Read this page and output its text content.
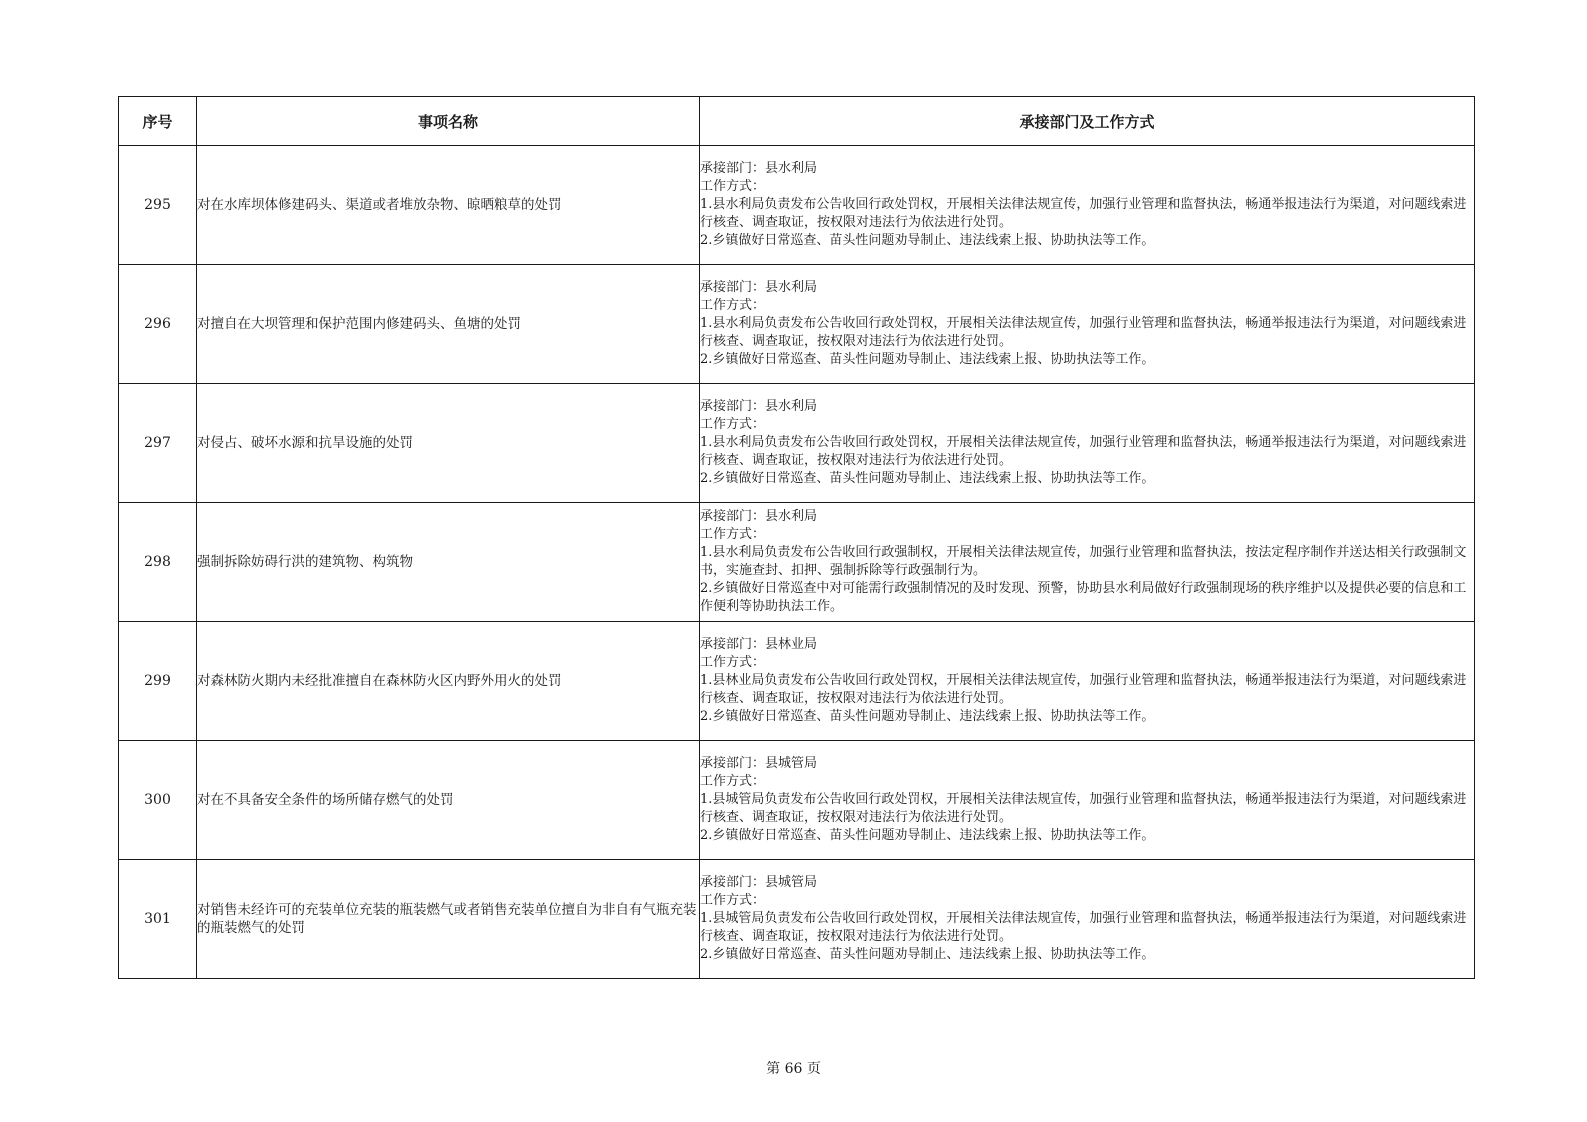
序号	事项名称	承接部门及工作方式
295	对在水库坝体修建码头、渠道或者堆放杂物、晾晒粮草的处罚	承接部门：县水利局
工作方式：
1.县水利局负责发布公告收回行政处罚权，开展相关法律法规宣传，加强行业管理和监督执法，畅通举报违法行为渠道，对问题线索进行核查、调查取证，按权限对违法行为依法进行处罚。
2.乡镇做好日常巡查、苗头性问题劝导制止、违法线索上报、协助执法等工作。

296	对擅自在大坝管理和保护范围内修建码头、鱼塘的处罚	承接部门：县水利局
工作方式：
1.县水利局负责发布公告收回行政处罚权，开展相关法律法规宣传，加强行业管理和监督执法，畅通举报违法行为渠道，对问题线索进行核查、调查取证，按权限对违法行为依法进行处罚。
2.乡镇做好日常巡查、苗头性问题劝导制止、违法线索上报、协助执法等工作。

297	对侵占、破坏水源和抗旱设施的处罚	承接部门：县水利局
工作方式：
1.县水利局负责发布公告收回行政处罚权，开展相关法律法规宣传，加强行业管理和监督执法，畅通举报违法行为渠道，对问题线索进行核查、调查取证，按权限对违法行为依法进行处罚。
2.乡镇做好日常巡查、苗头性问题劝导制止、违法线索上报、协助执法等工作。

298	强制拆除妨碍行洪的建筑物、构筑物	承接部门：县水利局
工作方式：
1.县水利局负责发布公告收回行政强制权，开展相关法律法规宣传，加强行业管理和监督执法，按法定程序制作并送达相关行政强制文书，实施查封、扣押、强制拆除等行政强制行为。
2.乡镇做好日常巡查中对可能需行政强制情况的及时发现、预警，协助县水利局做好行政强制现场的秩序维护以及提供必要的信息和工作便利等协助执法工作。

299	对森林防火期内未经批准擅自在森林防火区内野外用火的处罚	承接部门：县林业局
工作方式：
1.县林业局负责发布公告收回行政处罚权，开展相关法律法规宣传，加强行业管理和监督执法，畅通举报违法行为渠道，对问题线索进行核查、调查取证，按权限对违法行为依法进行处罚。
2.乡镇做好日常巡查、苗头性问题劝导制止、违法线索上报、协助执法等工作。

300	对在不具备安全条件的场所储存燃气的处罚	承接部门：县城管局
工作方式：
1.县城管局负责发布公告收回行政处罚权，开展相关法律法规宣传，加强行业管理和监督执法，畅通举报违法行为渠道，对问题线索进行核查、调查取证，按权限对违法行为依法进行处罚。
2.乡镇做好日常巡查、苗头性问题劝导制止、违法线索上报、协助执法等工作。

301	对销售未经许可的充装单位充装的瓶装燃气或者销售充装单位擅自为非自有气瓶充装的瓶装燃气的处罚	承接部门：县城管局
工作方式：
1.县城管局负责发布公告收回行政处罚权，开展相关法律法规宣传，加强行业管理和监督执法，畅通举报违法行为渠道，对问题线索进行核查、调查取证，按权限对违法行为依法进行处罚。
2.乡镇做好日常巡查、苗头性问题劝导制止、违法线索上报、协助执法等工作。
第 66 页
